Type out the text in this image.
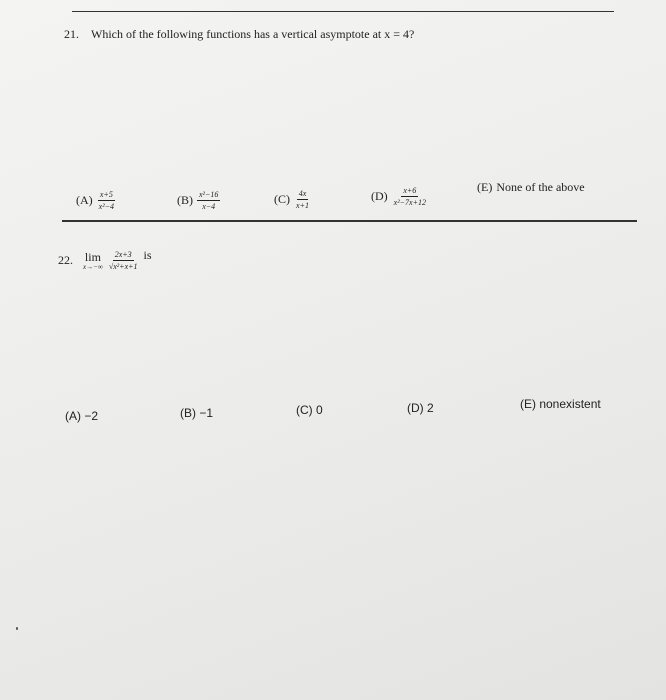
21. Which of the following functions has a vertical asymptote at x = 4?
$(A) \frac{x+5}{\text{x²−4}}$	$(B) \frac{\text{x²−16}}{x-4}$	$(C) \frac{4x}{x+1}$	$(D) \frac{x+6}{\text{x²−7x+12}}$	(E) None of the above
22. lim
$x\to-\infty \frac{2x+3}{\text{√x²+x+1}}$ is
(A) −2	(B) −1	(C) 0	(D) 2	(E) nonexistent
